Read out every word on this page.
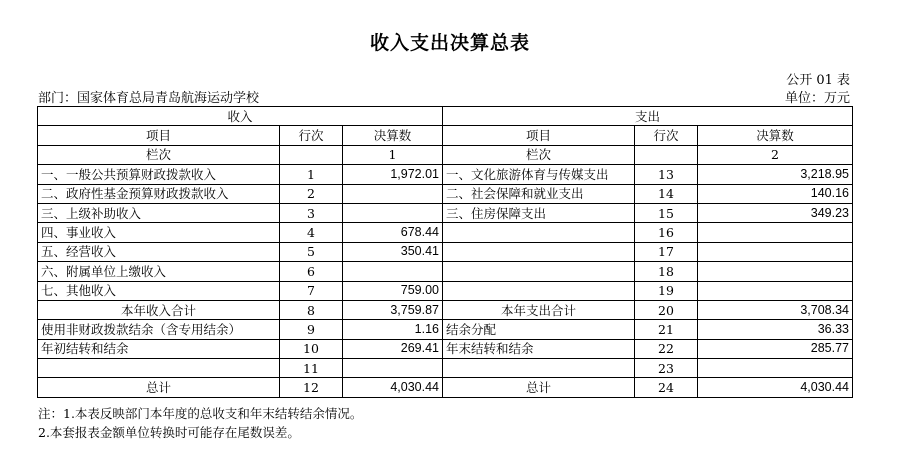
收入支出决算总表
公开 01 表
部门：国家体育总局青岛航海运动学校	单位：万元
收入			支出		
项目	行次	决算数	项目	行次	决算数
栏次		1	栏次		2
一、一般公共预算财政拨款收入	1	1,972.01	一、文化旅游体育与传媒支出	13	3,218.95
二、政府性基金预算财政拨款收入	2		二、社会保障和就业支出	14	140.16
三、上级补助收入	3		三、住房保障支出	15	349.23
四、事业收入	4	678.44		16	
五、经营收入	5	350.41		17	
六、附属单位上缴收入	6			18	
七、其他收入	7	759.00		19	
本年收入合计	8	3,759.87	本年支出合计	20	3,708.34
使用非财政拨款结余（含专用结余）	9	1.16	结余分配	21	36.33
年初结转和结余	10	269.41	年末结转和结余	22	285.77
	11			23	
总计	12	4,030.44	总计	24	4,030.44
注：1.本表反映部门本年度的总收支和年末结转结余情况。
2.本套报表金额单位转换时可能存在尾数误差。
